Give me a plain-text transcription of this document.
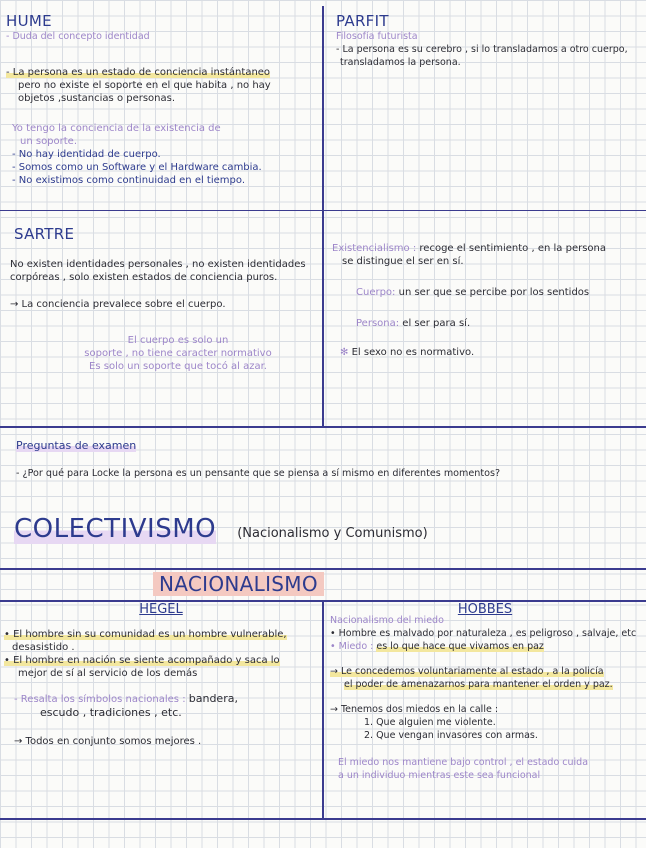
HUME
- Duda del concepto identidad

- La persona es un estado de conciencia instántaneo

pero no existe el soporte en el que habita , no hay

objetos ,sustancias o personas.

Yo tengo la conciencia de la existencia de

un soporte.

- No hay identidad de cuerpo.

- Somos como un Software y el Hardware cambia.

- No existimos como continuidad en el tiempo.

PARFIT
Filosofía futurista

- La persona es su cerebro , si lo transladamos a otro cuerpo,

transladamos la persona.

SARTRE

No existen identidades personales , no existen identidades

corpóreas , solo existen estados de conciencia puros.

→ La conciencia prevalece sobre el cuerpo.

El cuerpo es solo un

soporte , no tiene caracter normativo

Es solo un soporte que tocó al azar.

Existencialismo : recoge el sentimiento , en la persona

se distingue el ser en sí.

Cuerpo: un ser que se percibe por los sentidos

Persona: el ser para sí.

✻ El sexo no es normativo.

Preguntas de examen

- ¿Por qué para Locke la persona es un pensante que se piensa a sí mismo en diferentes momentos?

COLECTIVISMO (Nacionalismo y Comunismo)
NACIONALISMO
HEGEL

• El hombre sin su comunidad es un hombre vulnerable,

desasistido .

• El hombre en nación se siente acompañado y saca lo

mejor de sí al servicio de los demás

- Resalta los símbolos nacionales : bandera,

escudo , tradiciones , etc.

→ Todos en conjunto somos mejores .

HOBBES

Nacionalismo del miedo

• Hombre es malvado por naturaleza , es peligroso , salvaje, etc

• Miedo : es lo que hace que vivamos en paz

→ Le concedemos voluntariamente al estado , a la policía

el poder de amenazarnos para mantener el orden y paz.

→ Tenemos dos miedos en la calle :

1. Que alguien me violente.

2. Que vengan invasores con armas.

El miedo nos mantiene bajo control , el estado cuida

a un individuo mientras este sea funcional
